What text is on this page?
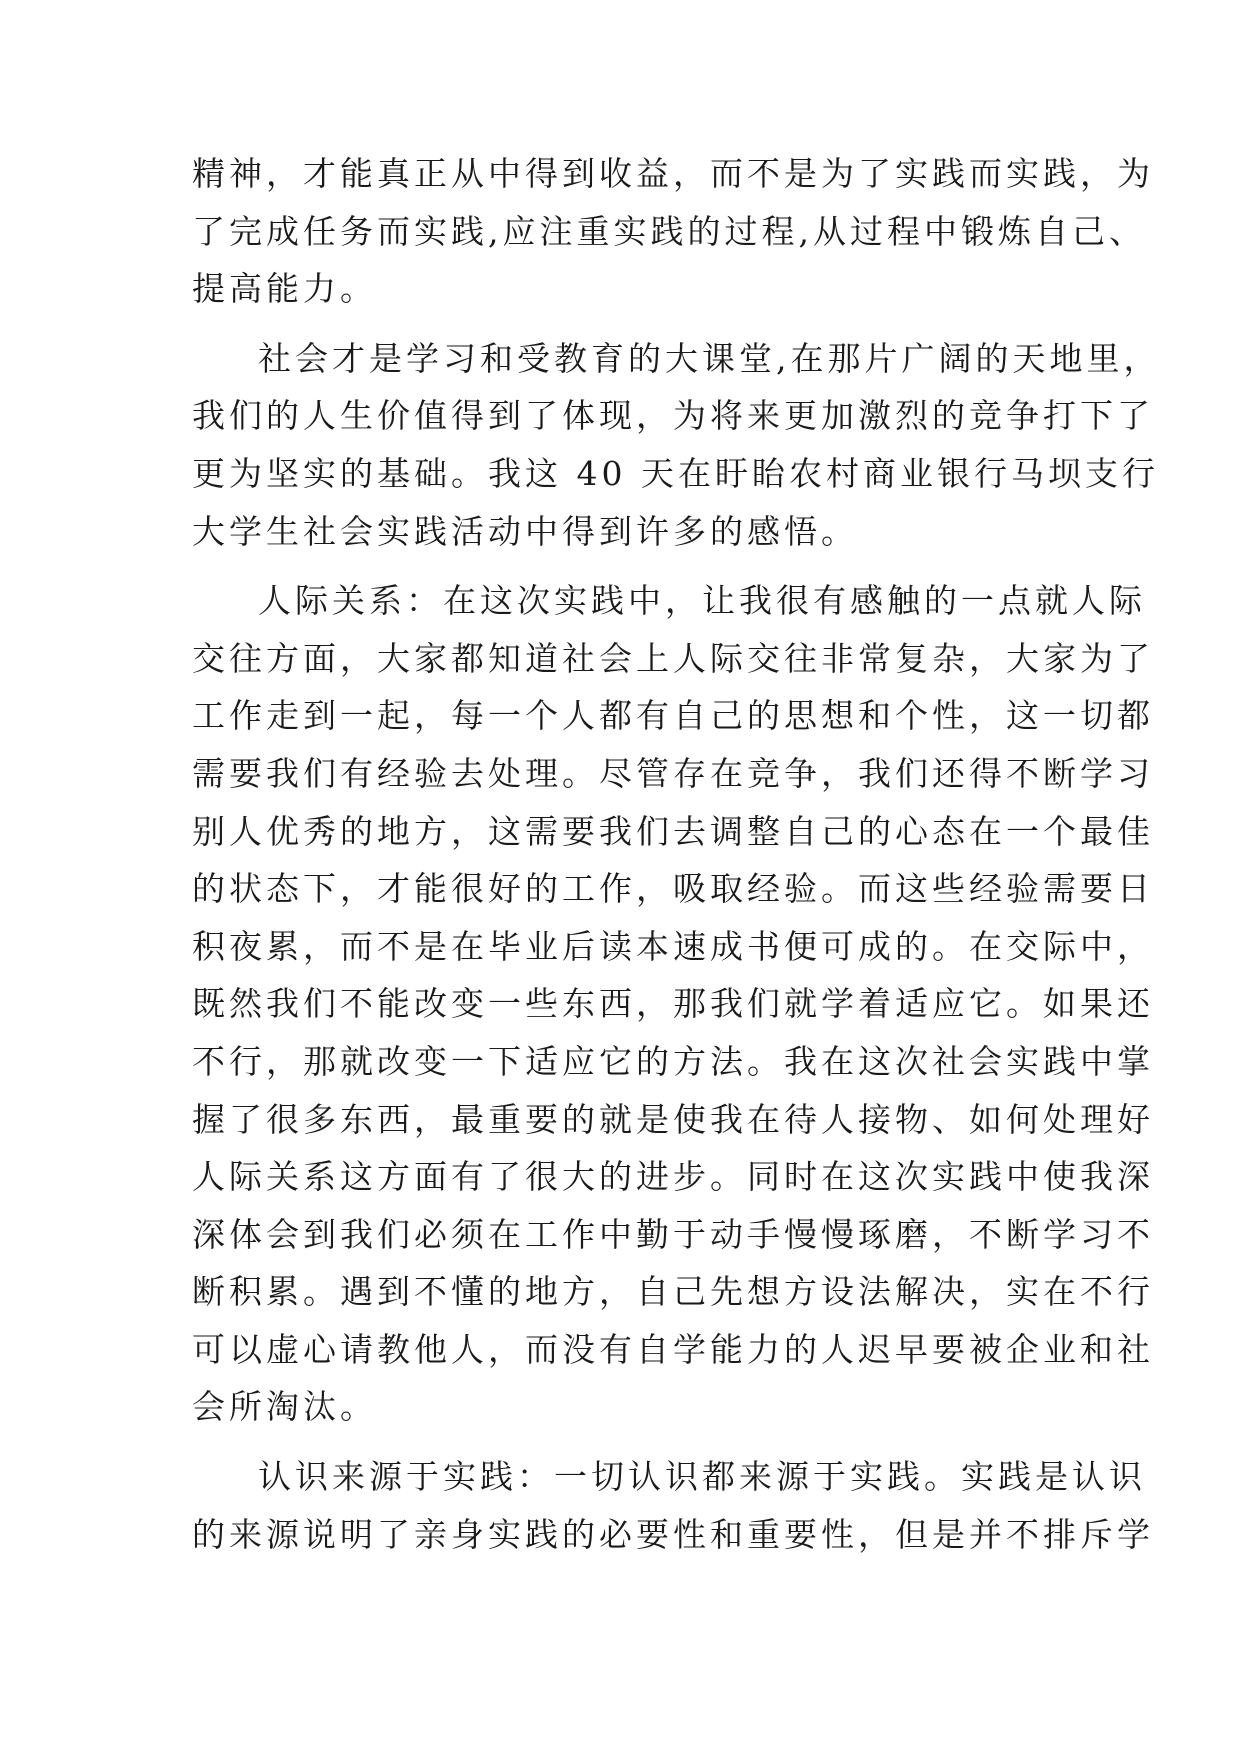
精神，才能真正从中得到收益，而不是为了实践而实践，为
了完成任务而实践,应注重实践的过程,从过程中锻炼自己、
提高能力。
社会才是学习和受教育的大课堂,在那片广阔的天地里，
我们的人生价值得到了体现，为将来更加激烈的竞争打下了
更为坚实的基础。我这 40 天在盱眙农村商业银行马坝支行
大学生社会实践活动中得到许多的感悟。
人际关系：在这次实践中，让我很有感触的一点就人际
交往方面，大家都知道社会上人际交往非常复杂，大家为了
工作走到一起，每一个人都有自己的思想和个性，这一切都
需要我们有经验去处理。尽管存在竞争，我们还得不断学习
别人优秀的地方，这需要我们去调整自己的心态在一个最佳
的状态下，才能很好的工作，吸取经验。而这些经验需要日
积夜累，而不是在毕业后读本速成书便可成的。在交际中，
既然我们不能改变一些东西，那我们就学着适应它。如果还
不行，那就改变一下适应它的方法。我在这次社会实践中掌
握了很多东西，最重要的就是使我在待人接物、如何处理好
人际关系这方面有了很大的进步。同时在这次实践中使我深
深体会到我们必须在工作中勤于动手慢慢琢磨，不断学习不
断积累。遇到不懂的地方，自己先想方设法解决，实在不行
可以虚心请教他人，而没有自学能力的人迟早要被企业和社
会所淘汰。
认识来源于实践：一切认识都来源于实践。实践是认识
的来源说明了亲身实践的必要性和重要性，但是并不排斥学
